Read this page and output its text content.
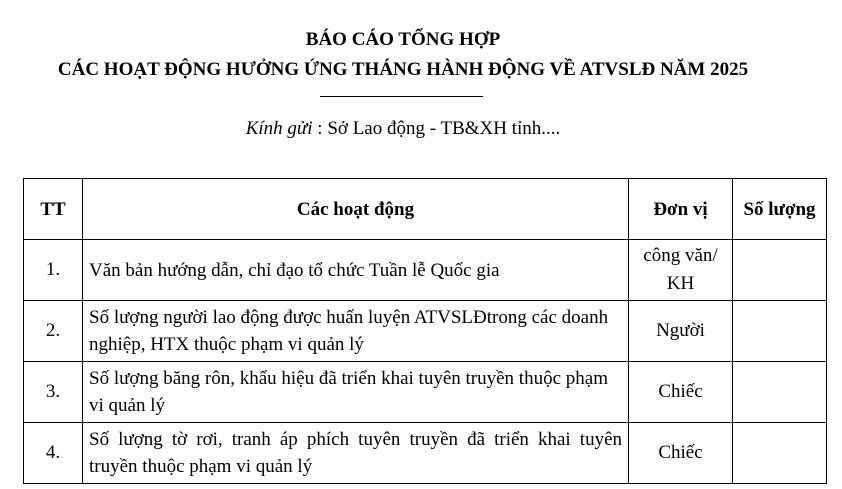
BÁO CÁO TỔNG HỢP
CÁC HOẠT ĐỘNG HƯỞNG ỨNG THÁNG HÀNH ĐỘNG VỀ ATVSLĐ NĂM 2025
Kính gửi : Sở Lao động - TB&XH tỉnh....
TT	Các hoạt động	Đơn vị	Số lượng
1.	Văn bản hướng dẫn, chỉ đạo tổ chức Tuần lễ Quốc gia	công văn/ KH	
2.	Số lượng người lao động được huấn luyện ATVSLĐtrong các doanh nghiệp, HTX thuộc phạm vi quản lý	Người	
3.	Số lượng băng rôn, khẩu hiệu đã triển khai tuyên truyền thuộc phạm vi quản lý	Chiếc	
4.	Số lượng tờ rơi, tranh áp phích tuyên truyền đã triển khai tuyên truyền thuộc phạm vi quản lý	Chiếc	
